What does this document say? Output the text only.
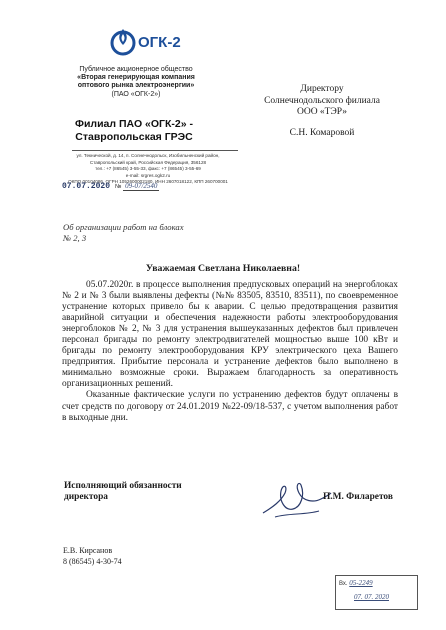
ОГК-2
Публичное акционерное общество
«Вторая генерирующая компания
оптового рынка электроэнергии»
(ПАО «ОГК-2»)
Филиал ПАО «ОГК-2» -
Ставропольская ГРЭС
ул. Текнической, д. 14, п. Солнечнодольск, Изобильненский район,
Ставропольский край, Российская Федерация, 356128
тел.: +7 (86545) 3-55-33, факс: +7 (86545) 3-55-69
e-mail: srgres.ogk2.ru
ОКПО 00104086, ОГРН 1052600002180, ИНН 2607018122, КПП 260700001
07.07.2020 № 09-07/2540
Директору
Солнечнодольского филиала
ООО «ТЭР»
С.Н. Комаровой
Об организации работ на блоках
№ 2, 3
Уважаемая Светлана Николаевна!

05.07.2020г. в процессе выполнения предпусковых операций на энергоблоках № 2 и № 3 были выявлены дефекты (№№ 83505, 83510, 83511), по своевременное устранение которых привело бы к аварии. С целью предотвращения развития аварийной ситуации и обеспечения надежности работы электрооборудования энергоблоков № 2, № 3 для устранения вышеуказанных дефектов был привлечен персонал бригады по ремонту электродвигателей мощностью выше 100 кВт и бригады по ремонту электрооборудования КРУ электрического цеха Вашего предприятия. Прибытие персонала и устранение дефектов было выполнено в минимально возможные сроки. Выражаем благодарность за оперативность организационных решений.

Оказанные фактические услуги по устранению дефектов будут оплачены в счет средств по договору от 24.01.2019 №22-09/18-537, с учетом выполнения работ в выходные дни.

Исполняющий обязанности
директора	П.М. Филаретов
Е.В. Кирсанов
8 (86545) 4-30-74
Вх. 05-2249
07. 07. 2020
